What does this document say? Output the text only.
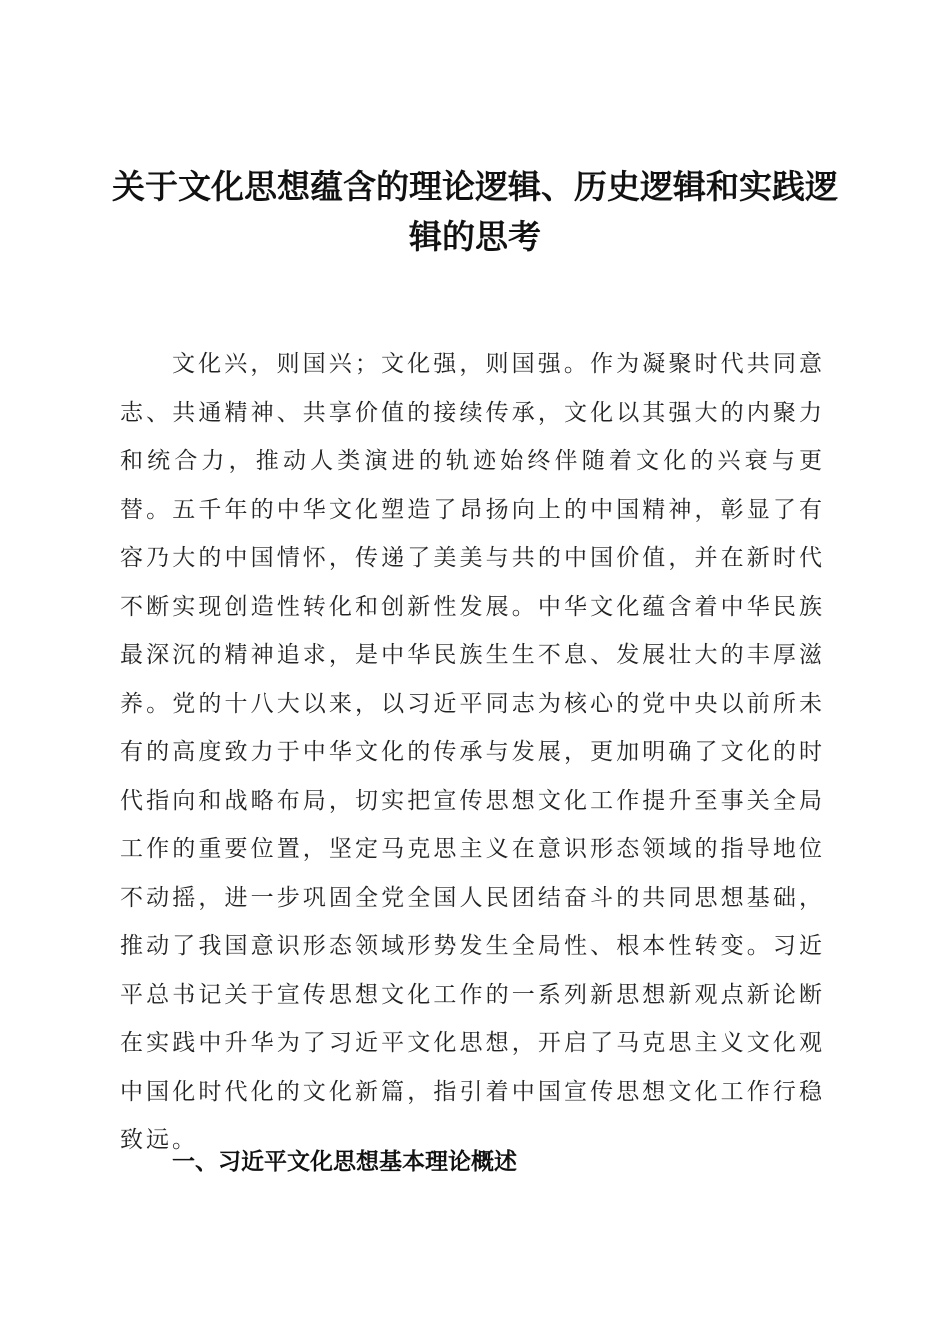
关于文化思想蕴含的理论逻辑、历史逻辑和实践逻辑的思考

文化兴，则国兴；文化强，则国强。作为凝聚时代共同意志、共通精神、共享价值的接续传承，文化以其强大的内聚力和统合力，推动人类演进的轨迹始终伴随着文化的兴衰与更替。五千年的中华文化塑造了昂扬向上的中国精神，彰显了有容乃大的中国情怀，传递了美美与共的中国价值，并在新时代不断实现创造性转化和创新性发展。中华文化蕴含着中华民族最深沉的精神追求，是中华民族生生不息、发展壮大的丰厚滋养。党的十八大以来，以习近平同志为核心的党中央以前所未有的高度致力于中华文化的传承与发展，更加明确了文化的时代指向和战略布局，切实把宣传思想文化工作提升至事关全局工作的重要位置，坚定马克思主义在意识形态领域的指导地位不动摇，进一步巩固全党全国人民团结奋斗的共同思想基础，推动了我国意识形态领域形势发生全局性、根本性转变。习近平总书记关于宣传思想文化工作的一系列新思想新观点新论断在实践中升华为了习近平文化思想，开启了马克思主义文化观中国化时代化的文化新篇，指引着中国宣传思想文化工作行稳致远。

一、习近平文化思想基本理论概述
